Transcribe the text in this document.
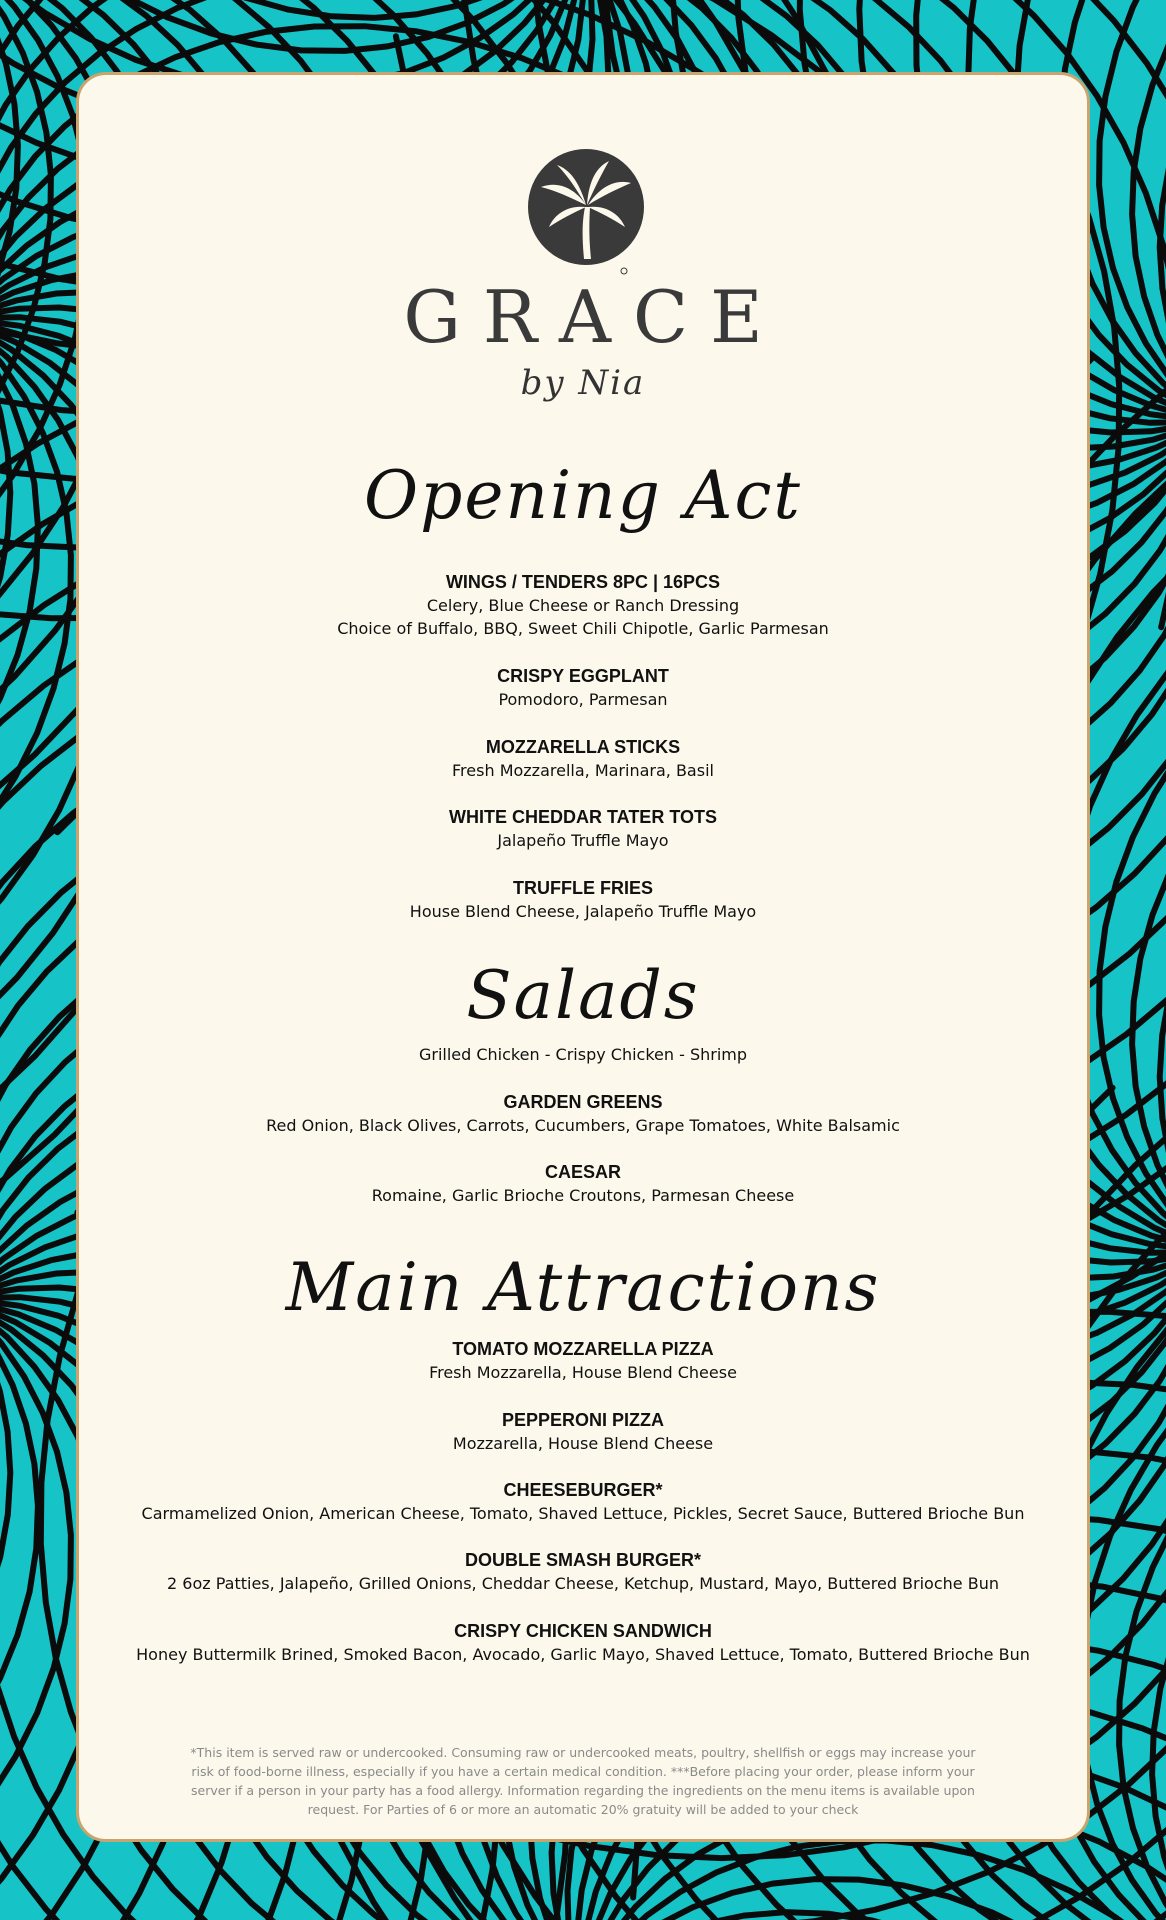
GRACE
by Nia
Opening Act
WINGS / TENDERS 8PC | 16PCS
Celery, Blue Cheese or Ranch Dressing
Choice of Buffalo, BBQ, Sweet Chili Chipotle, Garlic Parmesan
CRISPY EGGPLANT
Pomodoro, Parmesan
MOZZARELLA STICKS
Fresh Mozzarella, Marinara, Basil
WHITE CHEDDAR TATER TOTS
Jalapeño Truffle Mayo
TRUFFLE FRIES
House Blend Cheese, Jalapeño Truffle Mayo
Salads
Grilled Chicken - Crispy Chicken - Shrimp
GARDEN GREENS
Red Onion, Black Olives, Carrots, Cucumbers, Grape Tomatoes, White Balsamic
CAESAR
Romaine, Garlic Brioche Croutons, Parmesan Cheese
Main Attractions
TOMATO MOZZARELLA PIZZA
Fresh Mozzarella, House Blend Cheese
PEPPERONI PIZZA
Mozzarella, House Blend Cheese
CHEESEBURGER*
Carmamelized Onion, American Cheese, Tomato, Shaved Lettuce, Pickles, Secret Sauce, Buttered Brioche Bun
DOUBLE SMASH BURGER*
2 6oz Patties, Jalapeño, Grilled Onions, Cheddar Cheese, Ketchup, Mustard, Mayo, Buttered Brioche Bun
CRISPY CHICKEN SANDWICH
Honey Buttermilk Brined, Smoked Bacon, Avocado, Garlic Mayo, Shaved Lettuce, Tomato, Buttered Brioche Bun
*This item is served raw or undercooked. Consuming raw or undercooked meats, poultry, shellfish or eggs may increase your risk of food-borne illness, especially if you have a certain medical condition. ***Before placing your order, please inform your server if a person in your party has a food allergy. Information regarding the ingredients on the menu items is available upon request. For Parties of 6 or more an automatic 20% gratuity will be added to your check
